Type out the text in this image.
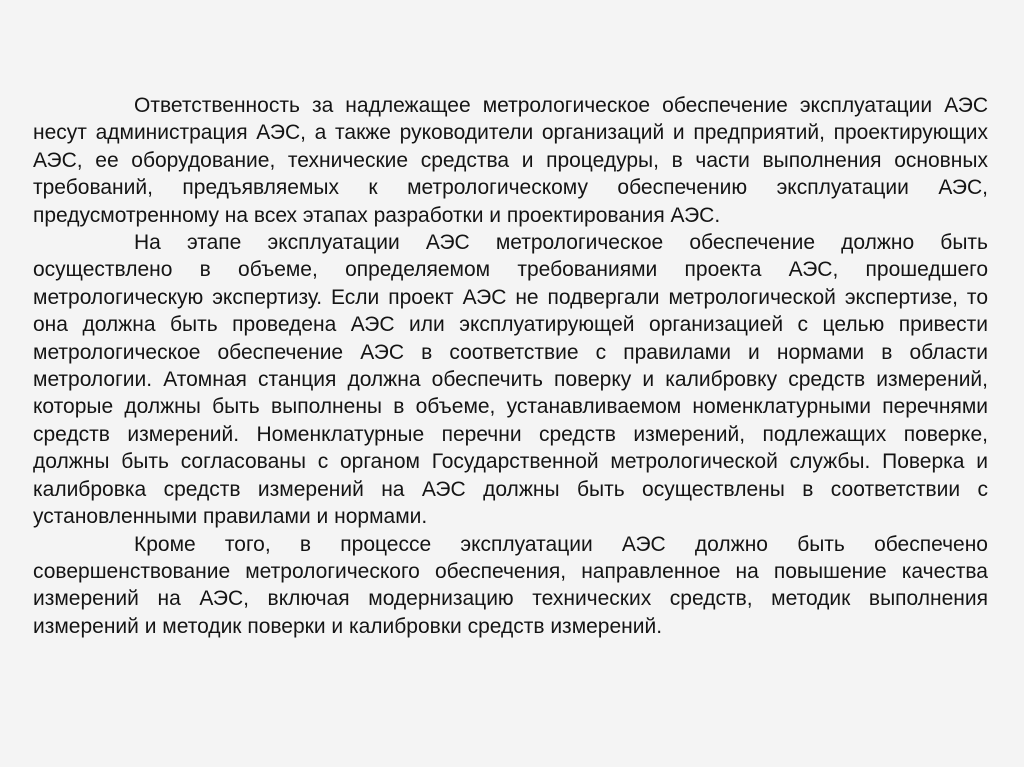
Ответственность за надлежащее метрологическое обеспечение эксплуатации АЭС несут администрация АЭС, а также руководители организаций и предприятий, проектирующих АЭС, ее оборудование, технические средства и процедуры, в части выполнения основных требований, предъявляемых к метрологическому обеспечению эксплуатации АЭС, предусмотренному на всех этапах разработки и проектирования АЭС.

На этапе эксплуатации АЭС метрологическое обеспечение должно быть осуществлено в объеме, определяемом требованиями проекта АЭС, прошедшего метрологическую экспертизу. Если проект АЭС не подвергали метрологической экспертизе, то она должна быть проведена АЭС или эксплуатирующей организацией с целью привести метрологическое обеспечение АЭС в соответствие с правилами и нормами в области метрологии. Атомная станция должна обеспечить поверку и калибровку средств измерений, которые должны быть выполнены в объеме, устанавливаемом номенклатурными перечнями средств измерений. Номенклатурные перечни средств измерений, подлежащих поверке, должны быть согласованы с органом Государственной метрологической службы. Поверка и калибровка средств измерений на АЭС должны быть осуществлены в соответствии с установленными правилами и нормами.

Кроме того, в процессе эксплуатации АЭС должно быть обеспечено совершенствование метрологического обеспечения, направленное на повышение качества измерений на АЭС, включая модернизацию технических средств, методик выполнения измерений и методик поверки и калибровки средств измерений.
